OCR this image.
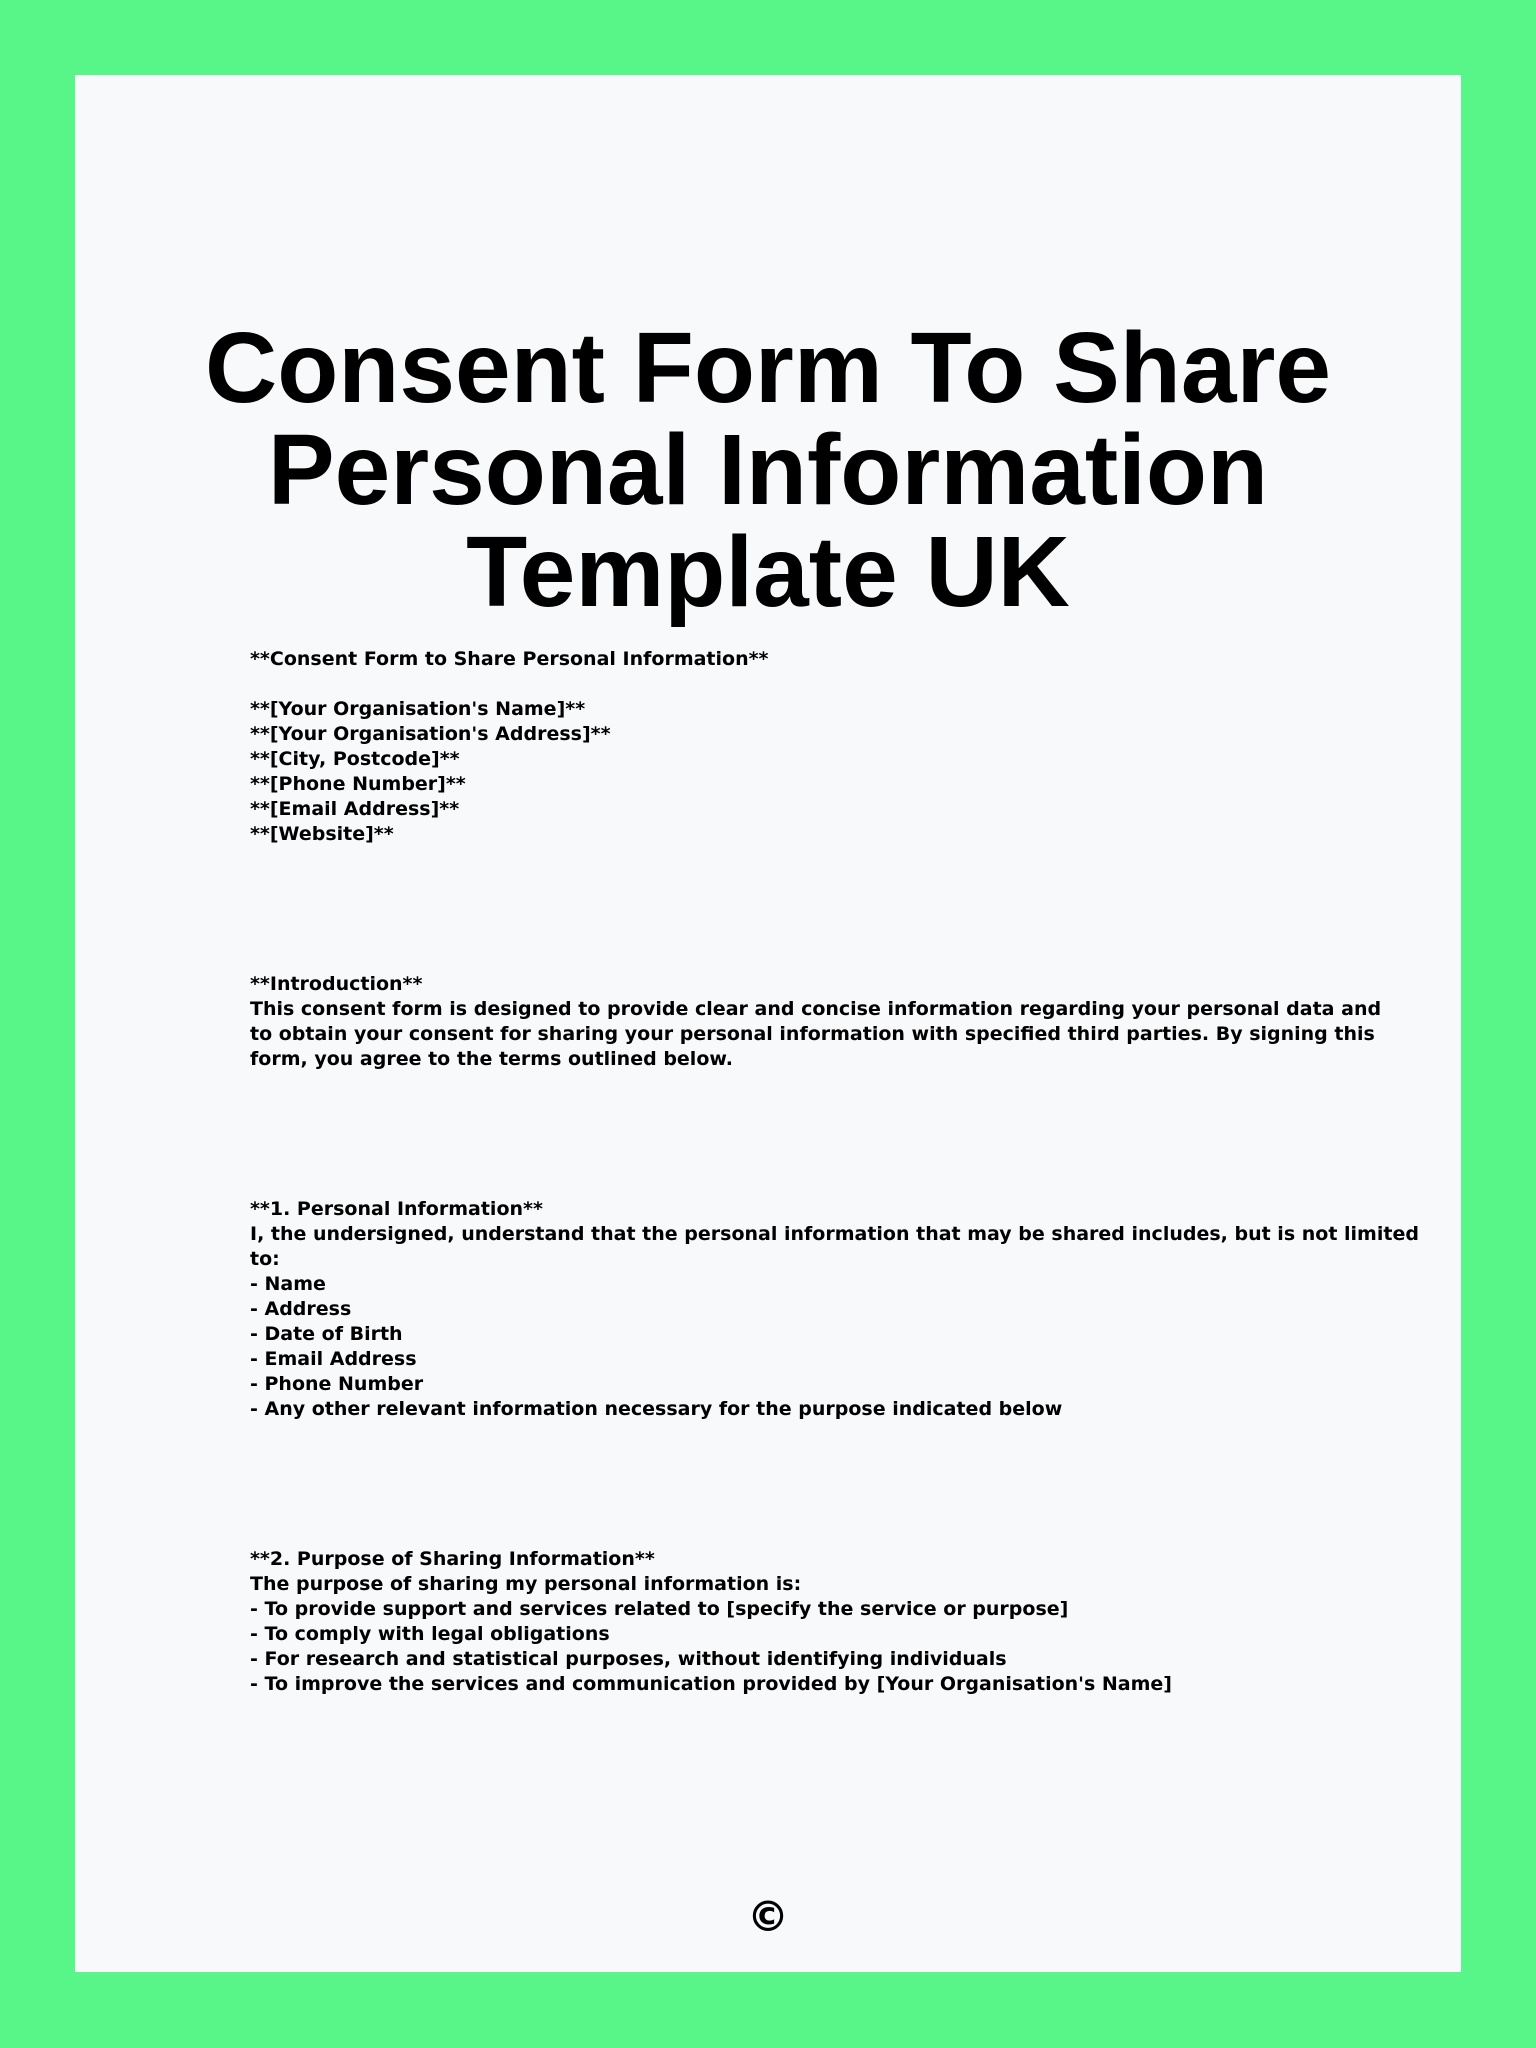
Consent Form To Share
Personal Information
Template UK
**Consent Form to Share Personal Information**
**[Your Organisation's Name]**
**[Your Organisation's Address]**
**[City, Postcode]**
**[Phone Number]**
**[Email Address]**
**[Website]**
**Introduction**
This consent form is designed to provide clear and concise information regarding your personal data and
to obtain your consent for sharing your personal information with specified third parties. By signing this
form, you agree to the terms outlined below.
**1. Personal Information**
I, the undersigned, understand that the personal information that may be shared includes, but is not limited
to:
- Name
- Address
- Date of Birth
- Email Address
- Phone Number
- Any other relevant information necessary for the purpose indicated below
**2. Purpose of Sharing Information**
The purpose of sharing my personal information is:
- To provide support and services related to [specify the service or purpose]
- To comply with legal obligations
- For research and statistical purposes, without identifying individuals
- To improve the services and communication provided by [Your Organisation's Name]
©
